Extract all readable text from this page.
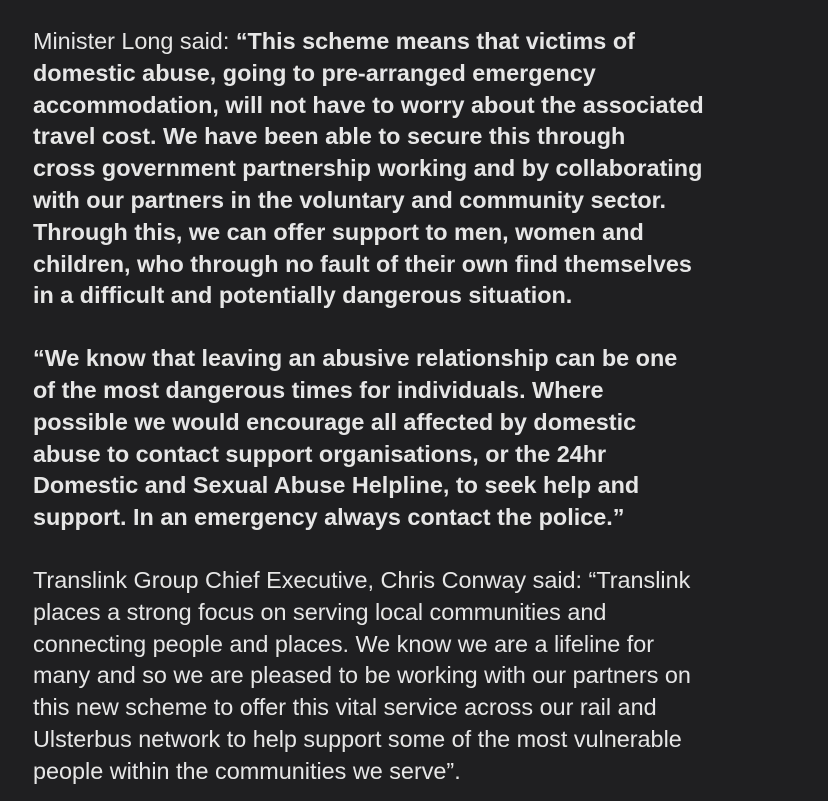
Minister Long said: “This scheme means that victims of
domestic abuse, going to pre-arranged emergency
accommodation, will not have to worry about the associated
travel cost. We have been able to secure this through
cross government partnership working and by collaborating
with our partners in the voluntary and community sector.
Through this, we can offer support to men, women and
children, who through no fault of their own find themselves
in a difficult and potentially dangerous situation.

“We know that leaving an abusive relationship can be one
of the most dangerous times for individuals. Where
possible we would encourage all affected by domestic
abuse to contact support organisations, or the 24hr
Domestic and Sexual Abuse Helpline, to seek help and
support. In an emergency always contact the police.”

Translink Group Chief Executive, Chris Conway said: “Translink
places a strong focus on serving local communities and
connecting people and places. We know we are a lifeline for
many and so we are pleased to be working with our partners on
this new scheme to offer this vital service across our rail and
Ulsterbus network to help support some of the most vulnerable
people within the communities we serve”.
